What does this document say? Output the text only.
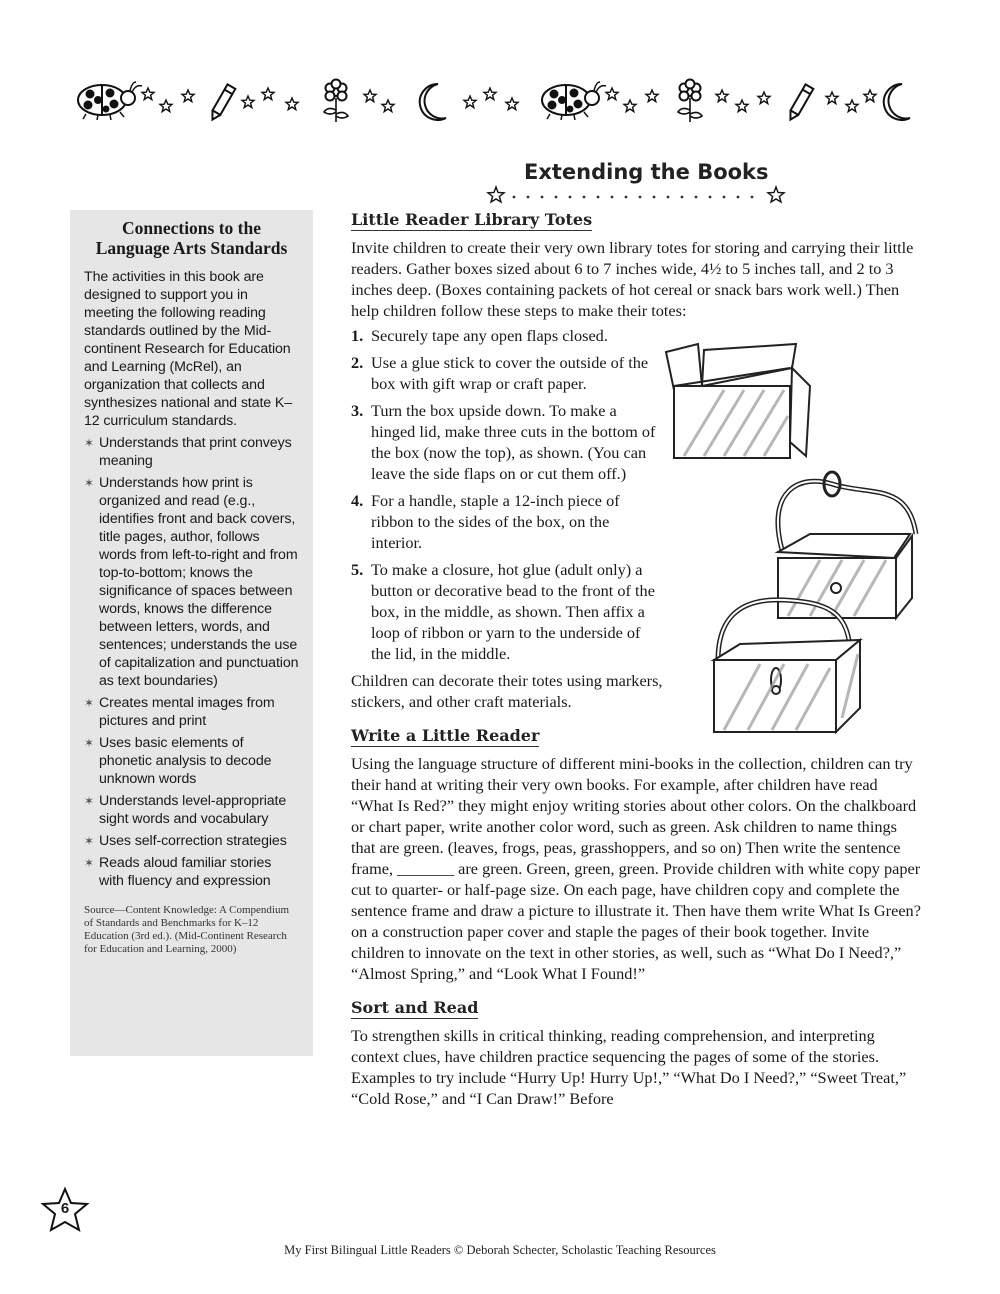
Extending the Books
Connections to the Language Arts Standards

The activities in this book are designed to support you in meeting the following reading standards outlined by the Mid-continent Research for Education and Learning (McRel), an organization that collects and synthesizes national and state K–12 curriculum standards.

✶ Understands that print conveys meaning
✶ Understands how print is organized and read (e.g., identifies front and back covers, title pages, author, follows words from left-to-right and from top-to-bottom; knows the significance of spaces between words, knows the difference between letters, words, and sentences; understands the use of capitalization and punctuation as text boundaries)
✶ Creates mental images from pictures and print
✶ Uses basic elements of phonetic analysis to decode unknown words
✶ Understands level-appropriate sight words and vocabulary
✶ Uses self-correction strategies
✶ Reads aloud familiar stories with fluency and expression
Source—Content Knowledge: A Compendium of Standards and Benchmarks for K–12 Education (3rd ed.). (Mid-Continent Research for Education and Learning, 2000)
Little Reader Library Totes

Invite children to create their very own library totes for storing and carrying their little readers. Gather boxes sized about 6 to 7 inches wide, 4½ to 5 inches tall, and 2 to 3 inches deep. (Boxes containing packets of hot cereal or snack bars work well.) Then help children follow these steps to make their totes:

1. Securely tape any open flaps closed.
2. Use a glue stick to cover the outside of the box with gift wrap or craft paper.
3. Turn the box upside down. To make a hinged lid, make three cuts in the bottom of the box (now the top), as shown. (You can leave the side flaps on or cut them off.)
4. For a handle, staple a 12-inch piece of ribbon to the sides of the box, on the interior.
5. To make a closure, hot glue (adult only) a button or decorative bead to the front of the box, in the middle, as shown. Then affix a loop of ribbon or yarn to the underside of the lid, in the middle.

Children can decorate their totes using markers, stickers, and other craft materials.

Write a Little Reader

Using the language structure of different mini-books in the collection, children can try their hand at writing their very own books. For example, after children have read “What Is Red?” they might enjoy writing stories about other colors. On the chalkboard or chart paper, write another color word, such as green. Ask children to name things that are green. (leaves, frogs, peas, grasshoppers, and so on) Then write the sentence frame, _______ are green. Green, green, green. Provide children with white copy paper cut to quarter- or half-page size. On each page, have children copy and complete the sentence frame and draw a picture to illustrate it. Then have them write What Is Green? on a construction paper cover and staple the pages of their book together. Invite children to innovate on the text in other stories, as well, such as “What Do I Need?,” “Almost Spring,” and “Look What I Found!”

Sort and Read

To strengthen skills in critical thinking, reading comprehension, and interpreting context clues, have children practice sequencing the pages of some of the stories. Examples to try include “Hurry Up! Hurry Up!,” “What Do I Need?,” “Sweet Treat,” “Cold Rose,” and “I Can Draw!” Before

6
My First Bilingual Little Readers © Deborah Schecter, Scholastic Teaching Resources
